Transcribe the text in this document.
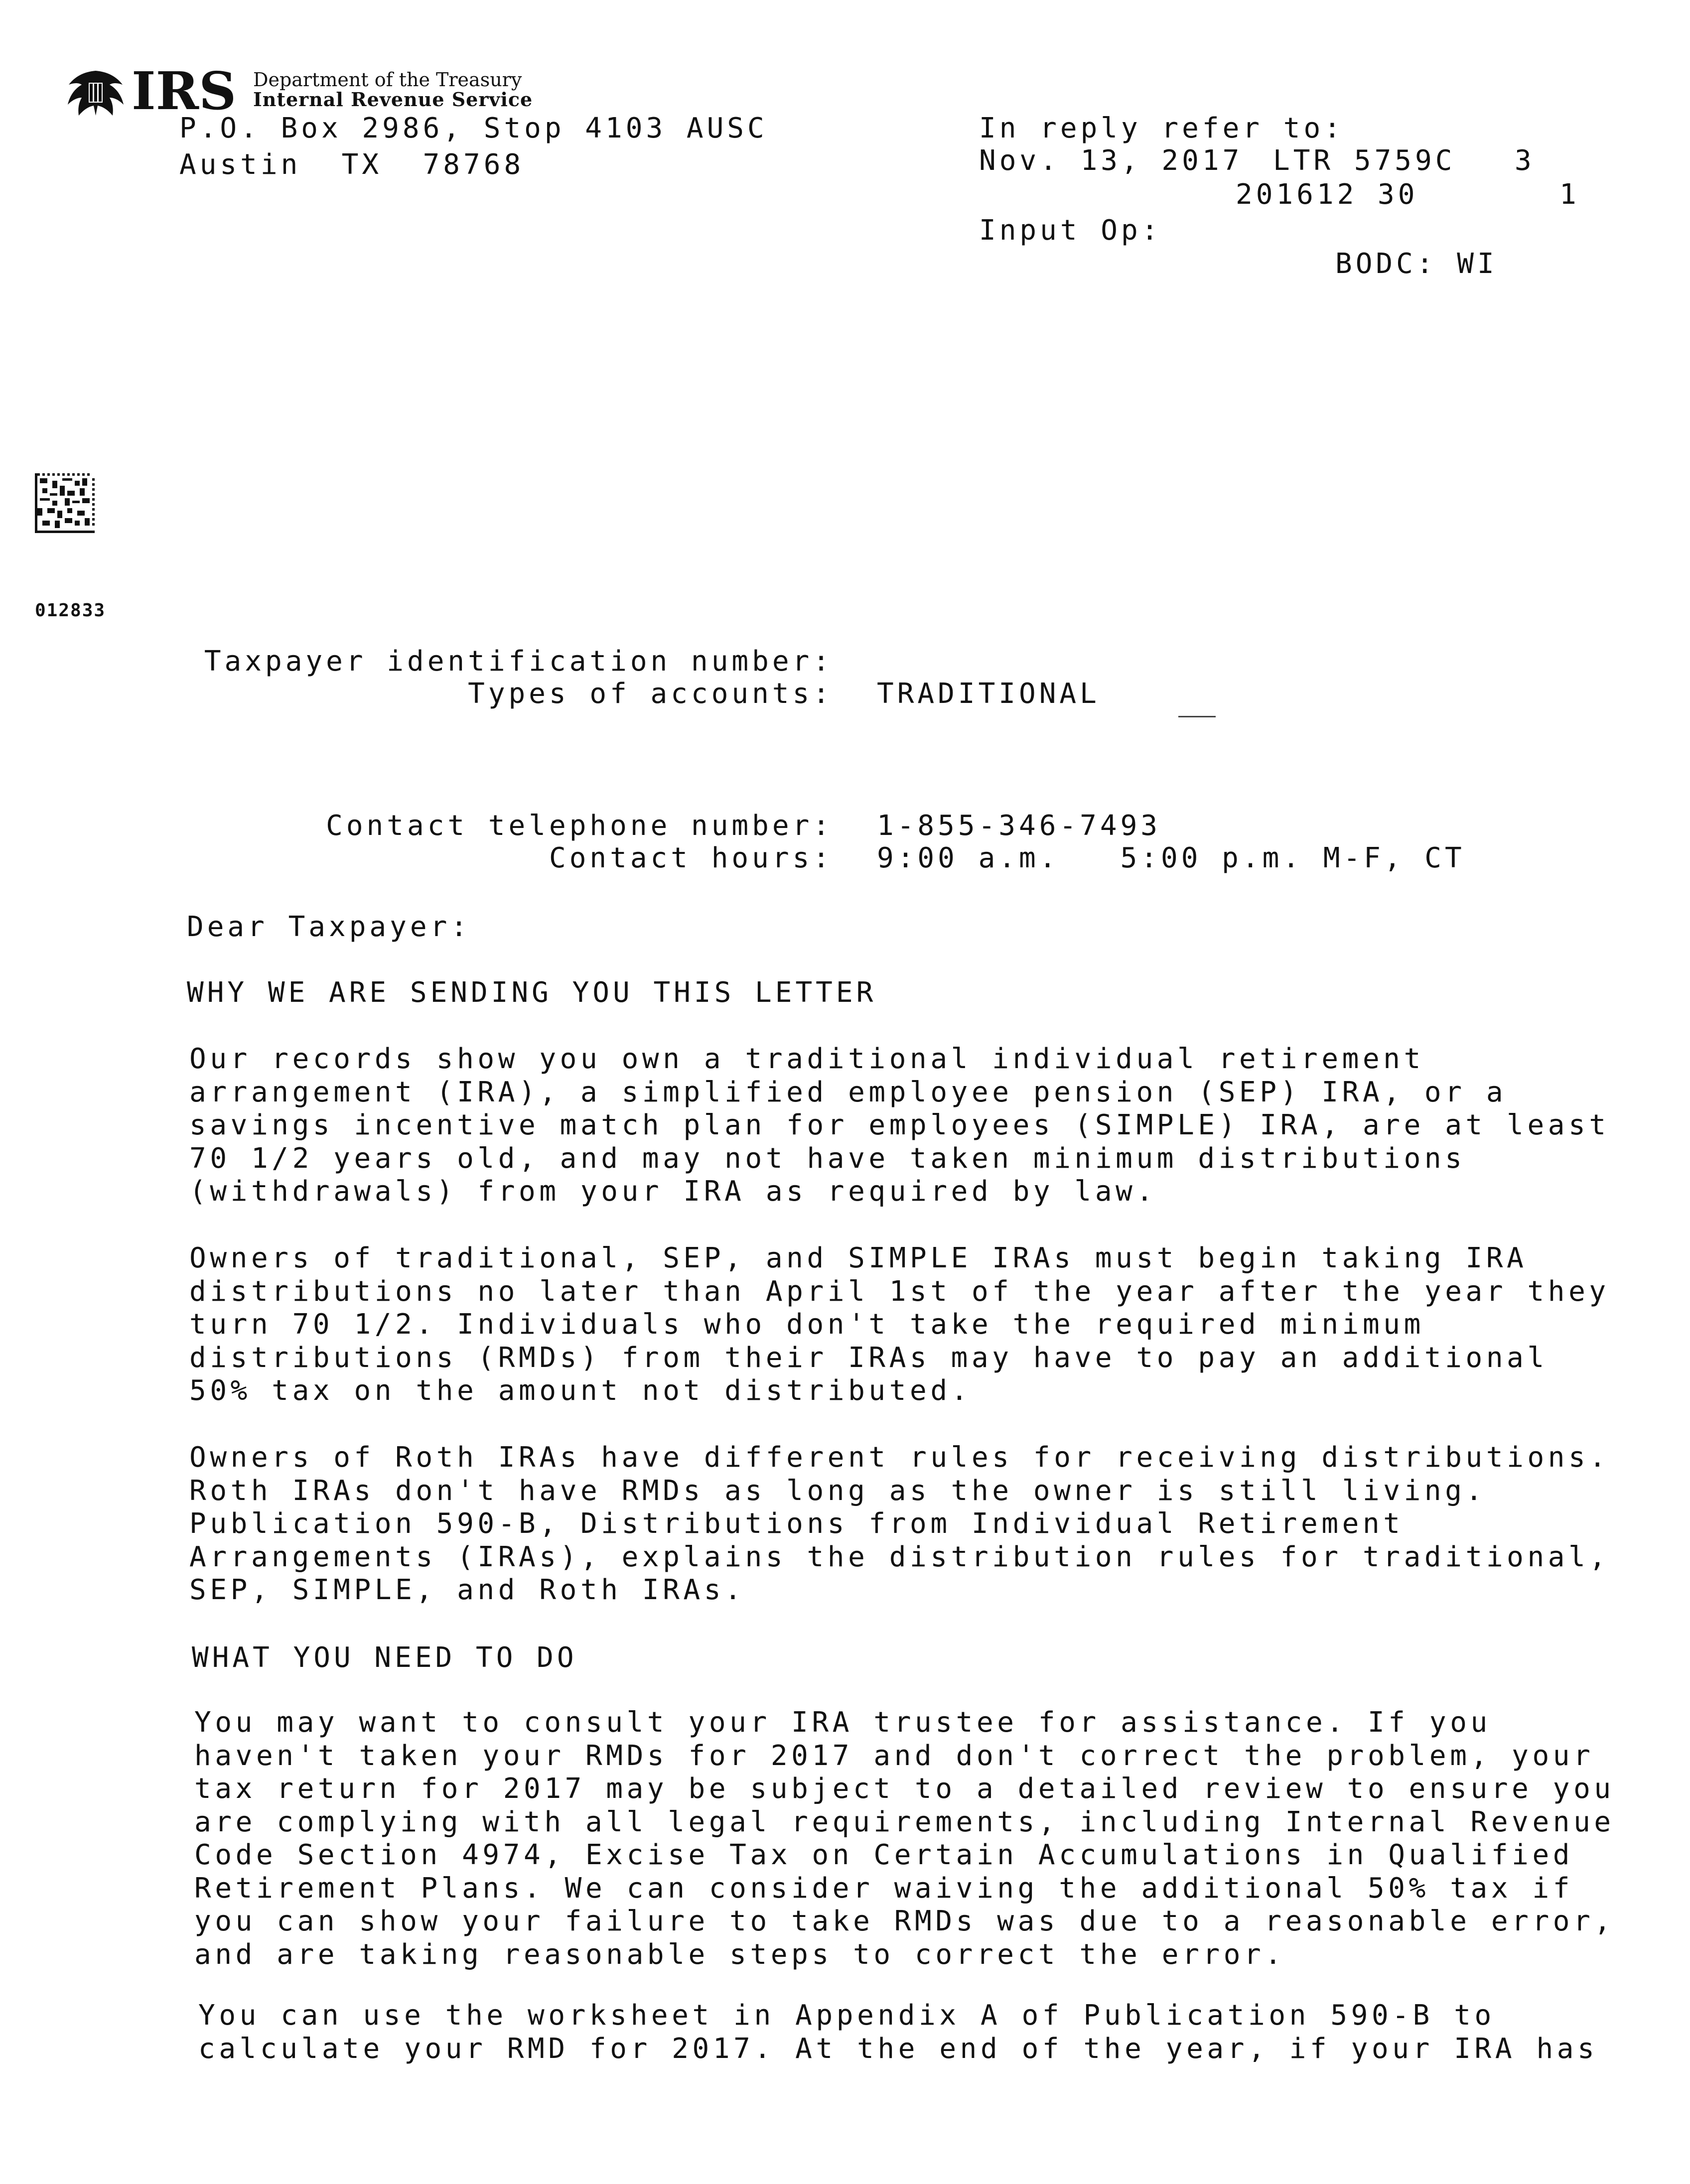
IRS Department of the Treasury
Internal Revenue Service
P.O. Box 2986, Stop 4103 AUSC
Austin  TX  78768
In reply refer to:
Nov. 13, 2017 LTR 5759C 3
201612 30	1
Input Op:
BODC: WI
012833
Taxpayer identification number:
Types of accounts: TRADITIONAL
Contact telephone number: 1-855-346-7493
Contact hours: 9:00 a.m.   5:00 p.m. M-F, CT
Dear Taxpayer:
WHY WE ARE SENDING YOU THIS LETTER
Our records show you own a traditional individual retirement
arrangement (IRA), a simplified employee pension (SEP) IRA, or a
savings incentive match plan for employees (SIMPLE) IRA, are at least
70 1/2 years old, and may not have taken minimum distributions
(withdrawals) from your IRA as required by law.
Owners of traditional, SEP, and SIMPLE IRAs must begin taking IRA
distributions no later than April 1st of the year after the year they
turn 70 1/2. Individuals who don't take the required minimum
distributions (RMDs) from their IRAs may have to pay an additional
50% tax on the amount not distributed.
Owners of Roth IRAs have different rules for receiving distributions.
Roth IRAs don't have RMDs as long as the owner is still living.
Publication 590-B, Distributions from Individual Retirement
Arrangements (IRAs), explains the distribution rules for traditional,
SEP, SIMPLE, and Roth IRAs.
WHAT YOU NEED TO DO
You may want to consult your IRA trustee for assistance. If you
haven't taken your RMDs for 2017 and don't correct the problem, your
tax return for 2017 may be subject to a detailed review to ensure you
are complying with all legal requirements, including Internal Revenue
Code Section 4974, Excise Tax on Certain Accumulations in Qualified
Retirement Plans. We can consider waiving the additional 50% tax if
you can show your failure to take RMDs was due to a reasonable error,
and are taking reasonable steps to correct the error.
You can use the worksheet in Appendix A of Publication 590-B to
calculate your RMD for 2017. At the end of the year, if your IRA has
